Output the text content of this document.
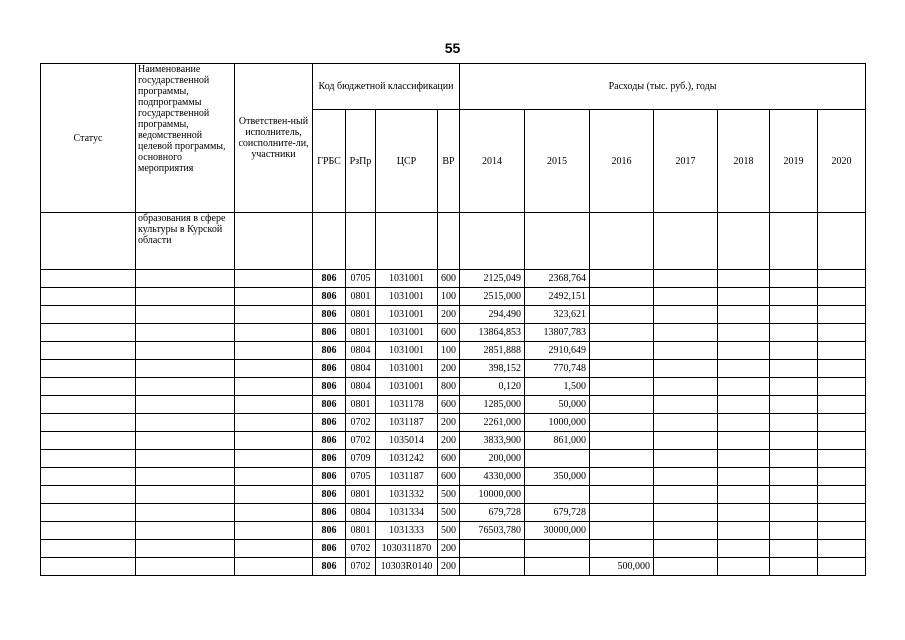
55
Статус	Наименование государственной программы, подпрограммы государственной программы, ведомственной целевой программы, основного мероприятия	Ответствен-ный исполнитель, соисполните-ли, участники	Код бюджетной классификации				Расходы (тыс. руб.), годы						
			ГРБС	РзПр	ЦСР	ВР	2014	2015	2016	2017	2018	2019	2020
	образования в сфере культуры в Курской области												
			806	0705	1031001	600	2125,049	2368,764					
			806	0801	1031001	100	2515,000	2492,151					
			806	0801	1031001	200	294,490	323,621					
			806	0801	1031001	600	13864,853	13807,783					
			806	0804	1031001	100	2851,888	2910,649					
			806	0804	1031001	200	398,152	770,748					
			806	0804	1031001	800	0,120	1,500					
			806	0801	1031178	600	1285,000	50,000					
			806	0702	1031187	200	2261,000	1000,000					
			806	0702	1035014	200	3833,900	861,000					
			806	0709	1031242	600	200,000						
			806	0705	1031187	600	4330,000	350,000					
			806	0801	1031332	500	10000,000						
			806	0804	1031334	500	679,728	679,728					
			806	0801	1031333	500	76503,780	30000,000					
			806	0702	1030311870	200							
			806	0702	10303R0140	200			500,000				
